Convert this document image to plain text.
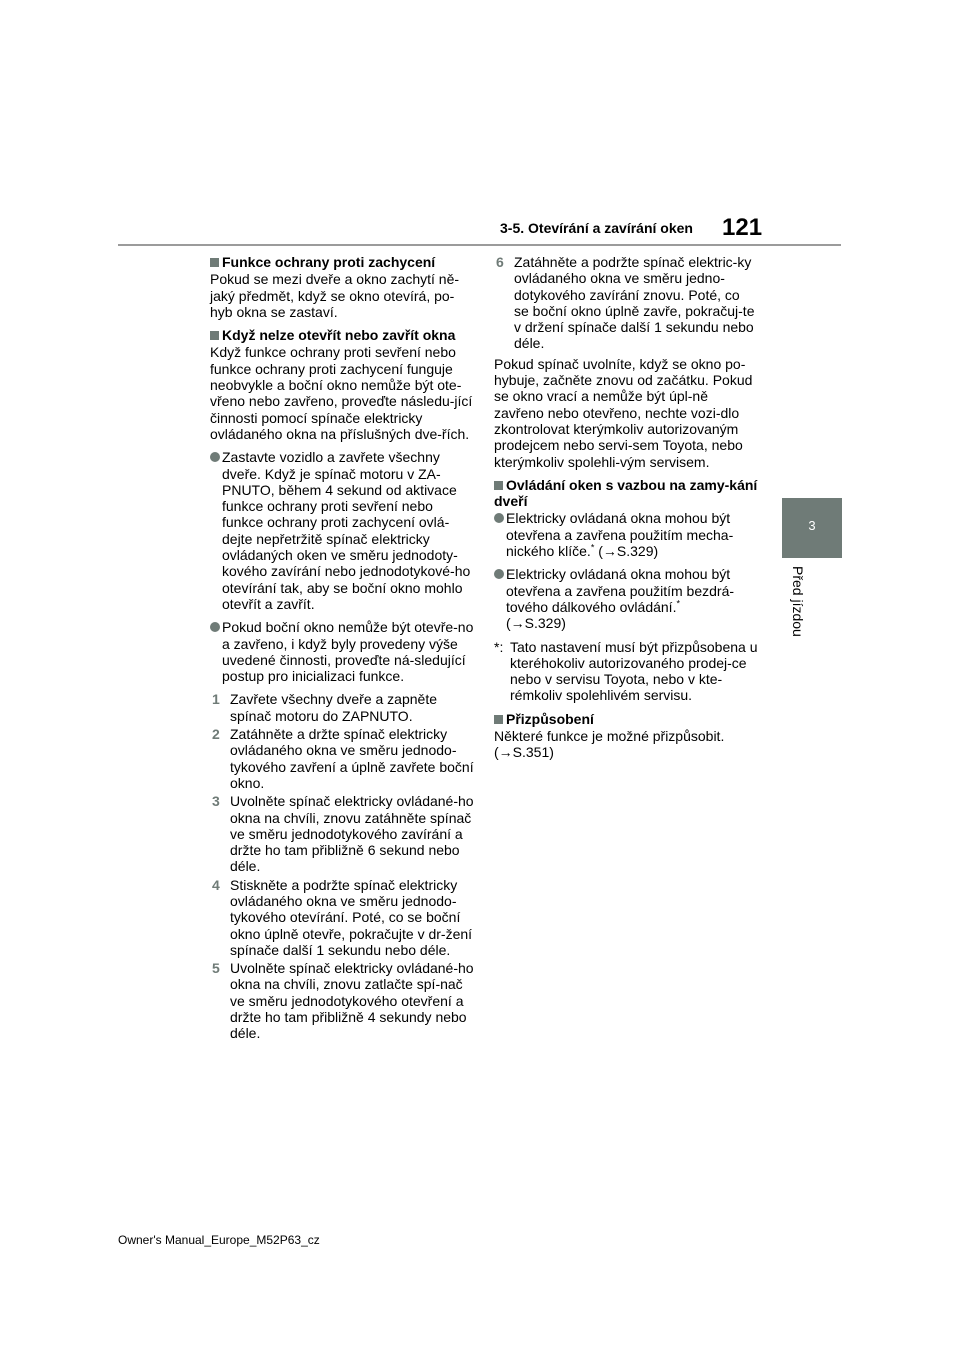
3-5. Otevírání a zavírání oken 121
3
Před jízdou

Funkce ochrany proti zachycení

Pokud se mezi dveře a okno zachytí ně-jaký předmět, když se okno otevírá, po-hyb okna se zastaví.

Když nelze otevřít nebo zavřít okna

Když funkce ochrany proti sevření nebo funkce ochrany proti zachycení funguje neobvykle a boční okno nemůže být ote-vřeno nebo zavřeno, proveďte následu-jící činnosti pomocí spínače elektricky ovládaného okna na příslušných dve-řích.

Zastavte vozidlo a zavřete všechny dveře. Když je spínač motoru v ZA-PNUTO, během 4 sekund od aktivace funkce ochrany proti sevření nebo funkce ochrany proti zachycení ovlá-dejte nepřetržitě spínač elektricky ovládaných oken ve směru jednodoty-kového zavírání nebo jednodotykové-ho otevírání tak, aby se boční okno mohlo otevřít a zavřít.

Pokud boční okno nemůže být otevře-no a zavřeno, i když byly provedeny výše uvedené činnosti, proveďte ná-sledující postup pro inicializaci funkce.

1 Zavřete všechny dveře a zapněte spínač motoru do ZAPNUTO.

2 Zatáhněte a držte spínač elektricky ovládaného okna ve směru jednodo-tykového zavření a úplně zavřete boční okno.

3 Uvolněte spínač elektricky ovládané-ho okna na chvíli, znovu zatáhněte spínač ve směru jednodotykového zavírání a držte ho tam přibližně 6 sekund nebo déle.

4 Stiskněte a podržte spínač elektricky ovládaného okna ve směru jednodo-tykového otevírání. Poté, co se boční okno úplně otevře, pokračujte v dr-žení spínače další 1 sekundu nebo déle.

5 Uvolněte spínač elektricky ovládané-ho okna na chvíli, znovu zatlačte spí-nač ve směru jednodotykového otevření a držte ho tam přibližně 4 sekundy nebo déle.

6 Zatáhněte a podržte spínač elektric-ky ovládaného okna ve směru jedno-dotykového zavírání znovu. Poté, co se boční okno úplně zavře, pokračuj-te v držení spínače další 1 sekundu nebo déle.

Pokud spínač uvolníte, když se okno po-hybuje, začněte znovu od začátku. Pokud se okno vrací a nemůže být úpl-ně zavřeno nebo otevřeno, nechte vozi-dlo zkontrolovat kterýmkoliv autorizovaným prodejcem nebo servi-sem Toyota, nebo kterýmkoliv spolehli-vým servisem.

Ovládání oken s vazbou na zamy-kání dveří

Elektricky ovládaná okna mohou být otevřena a zavřena použitím mecha-nického klíče.* (→S.329)

Elektricky ovládaná okna mohou být otevřena a zavřena použitím bezdrá-tového dálkového ovládání.*
(→S.329)

*: Tato nastavení musí být přizpůsobena u kteréhokoliv autorizovaného prodej-ce nebo v servisu Toyota, nebo v kte-rémkoliv spolehlivém servisu.

Přizpůsobení

Některé funkce je možné přizpůsobit. (→S.351)

Owner's Manual_Europe_M52P63_cz
